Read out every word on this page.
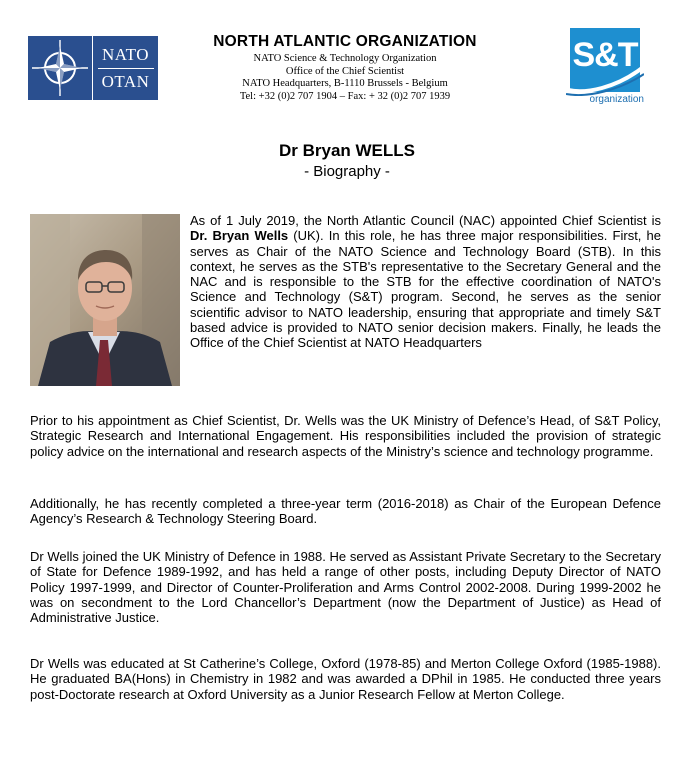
NATO
OTAN

NORTH ATLANTIC ORGANIZATION

NATO Science & Technology Organization

Office of the Chief Scientist

NATO Headquarters, B-1110 Brussels - Belgium

Tel: +32 (0)2 707 1904 – Fax: + 32 (0)2 707 1939

S&T
organization

Dr Bryan WELLS

- Biography -

As of 1 July 2019, the North Atlantic Council (NAC) appointed Chief Scientist is Dr. Bryan Wells (UK). In this role, he has three major responsibilities. First, he serves as Chair of the NATO Science and Technology Board (STB). In this context, he serves as the STB's representative to the Secretary General and the NAC and is responsible to the STB for the effective coordination of NATO's Science and Technology (S&T) program. Second, he serves as the senior scientific advisor to NATO leadership, ensuring that appropriate and timely S&T based advice is provided to NATO senior decision makers. Finally, he leads the Office of the Chief Scientist at NATO Headquarters

Prior to his appointment as Chief Scientist, Dr. Wells was the UK Ministry of Defence’s Head, of S&T Policy, Strategic Research and International Engagement. His responsibilities included the provision of strategic policy advice on the international and research aspects of the Ministry’s science and technology programme.

Additionally, he has recently completed a three-year term (2016-2018) as Chair of the European Defence Agency’s Research & Technology Steering Board.

Dr Wells joined the UK Ministry of Defence in 1988. He served as Assistant Private Secretary to the Secretary of State for Defence 1989-1992, and has held a range of other posts, including Deputy Director of NATO Policy 1997-1999, and Director of Counter-Proliferation and Arms Control 2002-2008. During 1999-2002 he was on secondment to the Lord Chancellor’s Department (now the Department of Justice) as Head of Administrative Justice.

Dr Wells was educated at St Catherine’s College, Oxford (1978-85) and Merton College Oxford (1985-1988). He graduated BA(Hons) in Chemistry in 1982 and was awarded a DPhil in 1985. He conducted three years post-Doctorate research at Oxford University as a Junior Research Fellow at Merton College.
